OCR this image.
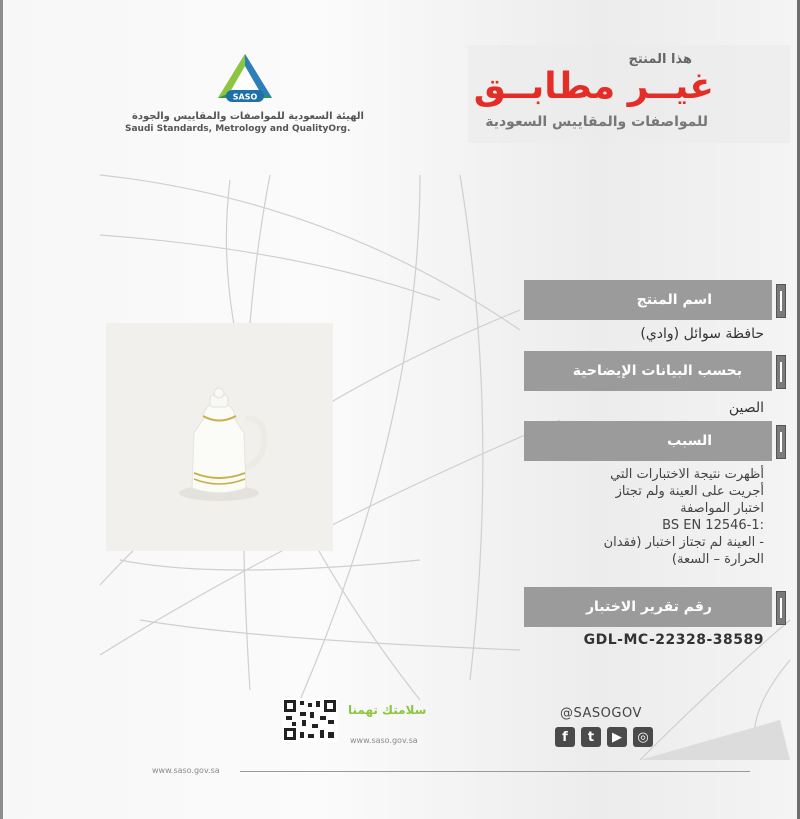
SASO
الهيئة السعودية للمواصفات والمقاييس والجودة
Saudi Standards, Metrology and QualityOrg.
هذا المنتج
غيــر مطابــق
للمواصفات والمقاييس السعودية
اسم المنتج
حافظة سوائل (وادي)
بحسب البيانات الإيضاحية
الصين
السبب
أظهرت نتيجة الاختبارات التي
أجريت على العينة ولم تجتاز
اختبار المواصفة
BS EN 12546-1:
- العينة لم تجتاز اختبار (فقدان
الحرارة – السعة)
رقم تقرير الاختبار
GDL-MC-22328-38589
سلامتك تهمنا
www.saso.gov.sa
@SASOGOV
f	t	▶	◎
www.saso.gov.sa
